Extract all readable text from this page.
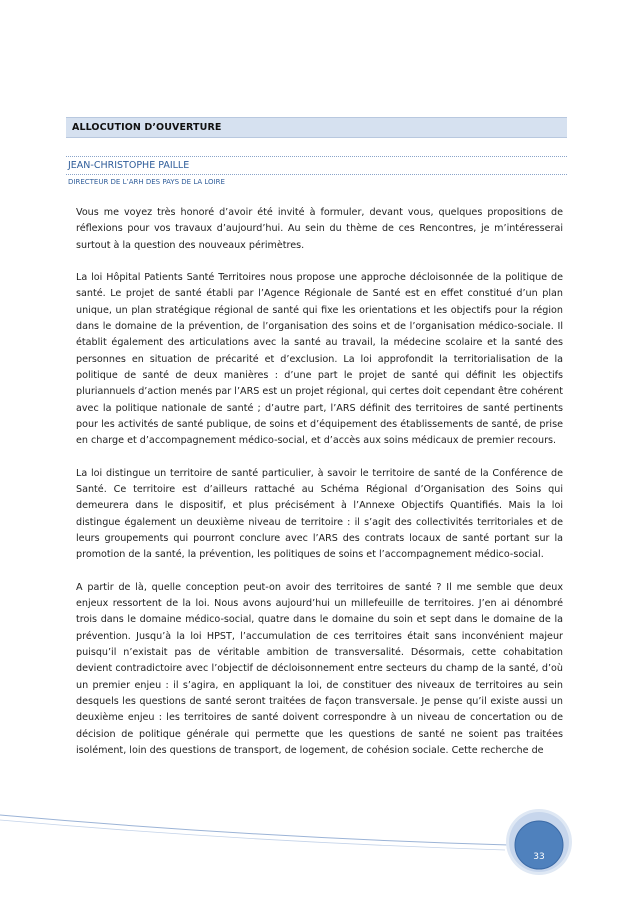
ALLOCUTION D’OUVERTURE
JEAN-CHRISTOPHE PAILLE
DIRECTEUR DE L’ARH DES PAYS DE LA LOIRE

Vous me voyez très honoré d’avoir été invité à formuler, devant vous, quelques propositions de réflexions pour vos travaux d’aujourd’hui. Au sein du thème de ces Rencontres, je m’intéresserai surtout à la question des nouveaux périmètres.

La loi Hôpital Patients Santé Territoires nous propose une approche décloisonnée de la politique de santé. Le projet de santé établi par l’Agence Régionale de Santé est en effet constitué d’un plan unique, un plan stratégique régional de santé qui fixe les orientations et les objectifs pour la région dans le domaine de la prévention, de l’organisation des soins et de l’organisation médico-sociale. Il établit également des articulations avec la santé au travail, la médecine scolaire et la santé des personnes en situation de précarité et d’exclusion. La loi approfondit la territorialisation de la politique de santé de deux manières : d’une part le projet de santé qui définit les objectifs pluriannuels d’action menés par l’ARS est un projet régional, qui certes doit cependant être cohérent avec la politique nationale de santé ; d’autre part, l’ARS définit des territoires de santé pertinents pour les activités de santé publique, de soins et d’équipement des établissements de santé, de prise en charge et d’accompagnement médico-social, et d’accès aux soins médicaux de premier recours.

La loi distingue un territoire de santé particulier, à savoir le territoire de santé de la Conférence de Santé. Ce territoire est d’ailleurs rattaché au Schéma Régional d’Organisation des Soins qui demeurera dans le dispositif, et plus précisément à l’Annexe Objectifs Quantifiés. Mais la loi distingue également un deuxième niveau de territoire : il s’agit des collectivités territoriales et de leurs groupements qui pourront conclure avec l’ARS des contrats locaux de santé portant sur la promotion de la santé, la prévention, les politiques de soins et l’accompagnement médico-social.

A partir de là, quelle conception peut-on avoir des territoires de santé ? Il me semble que deux enjeux ressortent de la loi. Nous avons aujourd’hui un millefeuille de territoires. J’en ai dénombré trois dans le domaine médico-social, quatre dans le domaine du soin et sept dans le domaine de la prévention. Jusqu’à la loi HPST, l’accumulation de ces territoires était sans inconvénient majeur puisqu’il n’existait pas de véritable ambition de transversalité. Désormais, cette cohabitation devient contradictoire avec l’objectif de décloisonnement entre secteurs du champ de la santé, d’où un premier enjeu : il s’agira, en appliquant la loi, de constituer des niveaux de territoires au sein desquels les questions de santé seront traitées de façon transversale. Je pense qu’il existe aussi un deuxième enjeu : les territoires de santé doivent correspondre à un niveau de concertation ou de décision de politique générale qui permette que les questions de santé ne soient pas traitées isolément, loin des questions de transport, de logement, de cohésion sociale. Cette recherche de

33
